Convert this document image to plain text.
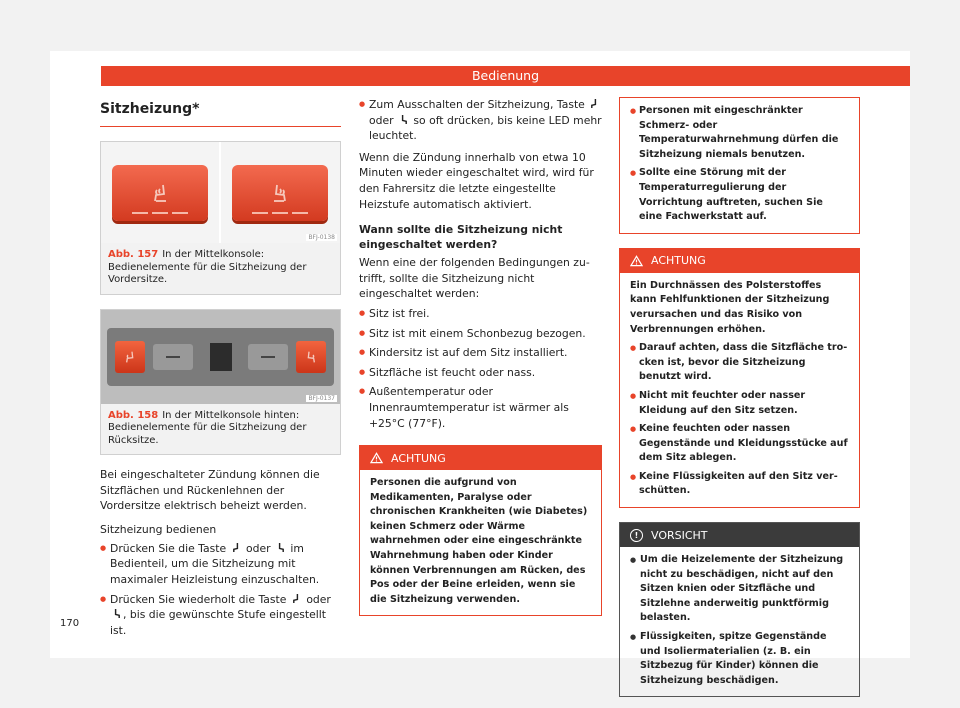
Bedienung
Sitzheizung*
BFJ-0138
Abb. 157 In der Mittelkonsole: Bedienelemente für die Sitzheizung der Vordersitze.
BFJ-0137
Abb. 158 In der Mittelkonsole hinten: Bedienelemente für die Sitzheizung der Rücksitze.

Bei eingeschalteter Zündung können die Sitzflächen und Rückenlehnen der Vordersitze elektrisch beheizt werden.

Sitzheizung bedienen

● Drücken Sie die Taste oder im Bedienteil, um die Sitzheizung mit maximaler Heizleistung einzuschalten.

● Drücken Sie wiederholt die Taste oder , bis die gewünschte Stufe eingestellt ist.

● Zum Ausschalten der Sitzheizung, Taste  oder so oft drücken, bis keine LED mehr leuchtet.

Wenn die Zündung innerhalb von etwa 10 Minuten wieder eingeschaltet wird, wird für den Fahrersitz die letzte eingestellte Heizstufe automatisch aktiviert.

Wann sollte die Sitzheizung nicht eingeschaltet werden?

Wenn eine der folgenden Bedingungen zutrifft, sollte die Sitzheizung nicht eingeschaltet werden:

● Sitz ist frei.

● Sitz ist mit einem Schonbezug bezogen.

● Kindersitz ist auf dem Sitz installiert.

● Sitzfläche ist feucht oder nass.

● Außentemperatur oder Innenraumtemperatur ist wärmer als +25°C (77°F).

ACHTUNG
Personen die aufgrund von Medikamenten, Paralyse oder chronischen Krankheiten (wie Diabetes) keinen Schmerz oder Wärme wahrnehmen oder eine eingeschränkte Wahrnehmung haben oder Kinder können Verbrennungen am Rücken, des Pos oder der Beine erleiden, wenn sie die Sitzheizung verwenden.
● Personen mit eingeschränkter Schmerz- oder Temperaturwahrnehmung dürfen die Sitzheizung niemals benutzen.
● Sollte eine Störung mit der Temperaturregulierung der Vorrichtung auftreten, suchen Sie eine Fachwerkstatt auf.
ACHTUNG
Ein Durchnässen des Polsterstoffes kann Fehlfunktionen der Sitzheizung verursachen und das Risiko von Verbrennungen erhöhen.
● Darauf achten, dass die Sitzfläche trocken ist, bevor die Sitzheizung benutzt wird.
● Nicht mit feuchter oder nasser Kleidung auf den Sitz setzen.
● Keine feuchten oder nassen Gegenstände und Kleidungsstücke auf dem Sitz ablegen.
● Keine Flüssigkeiten auf den Sitz verschütten.
!	VORSICHT
● Um die Heizelemente der Sitzheizung nicht zu beschädigen, nicht auf den Sitzen knien oder Sitzfläche und Sitzlehne anderweitig punktförmig belasten.
● Flüssigkeiten, spitze Gegenstände und Isoliermaterialien (z. B. ein Sitzbezug für Kinder) können die Sitzheizung beschädigen.
170
